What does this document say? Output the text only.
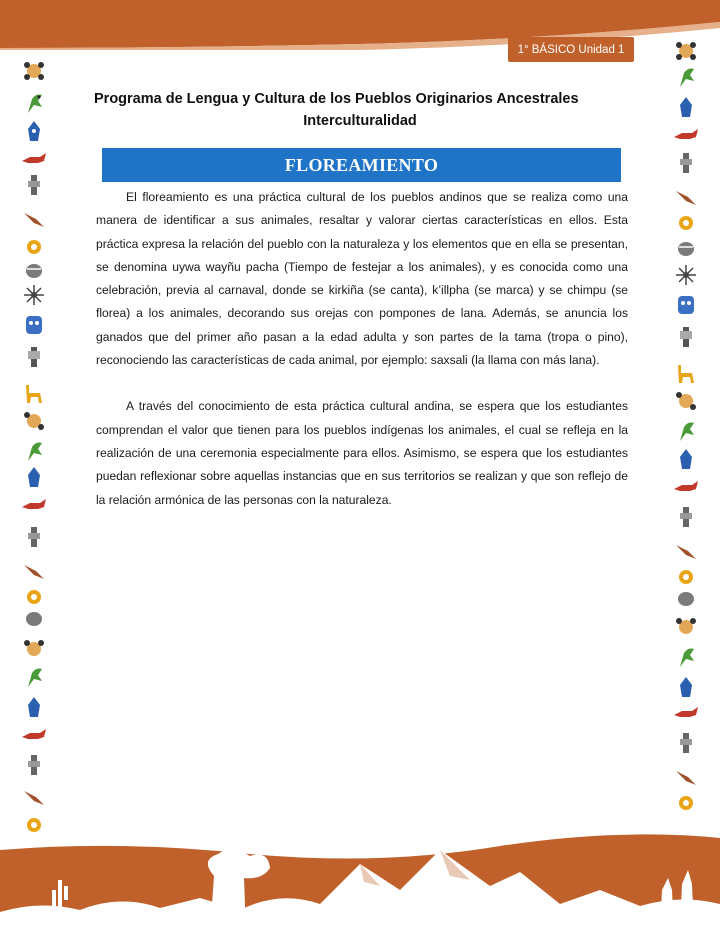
1° BÁSICO Unidad 1

Programa de Lengua y Cultura de los Pueblos Originarios Ancestrales

Interculturalidad

FLOREAMIENTO

El floreamiento es una práctica cultural de los pueblos andinos que se realiza como una manera de identificar a sus animales, resaltar y valorar ciertas características en ellos. Esta práctica expresa la relación del pueblo con la naturaleza y los elementos que en ella se presentan, se denomina uywa wayñu pacha (Tiempo de festejar a los animales), y es conocida como una celebración, previa al carnaval, donde se kirkiña (se canta), k’illpha (se marca) y se chimpu (se florea) a los animales, decorando sus orejas con pompones de lana. Además, se anuncia los ganados que del primer año pasan a la edad adulta y son partes de la tama (tropa o pino), reconociendo las características de cada animal, por ejemplo: saxsali (la llama con más lana).

A través del conocimiento de esta práctica cultural andina, se espera que los estudiantes comprendan el valor que tienen para los pueblos indígenas los animales, el cual se refleja en la realización de una ceremonia especialmente para ellos. Asimismo, se espera que los estudiantes puedan reflexionar sobre aquellas instancias que en sus territorios se realizan y que son reflejo de la relación armónica de las personas con la naturaleza.
